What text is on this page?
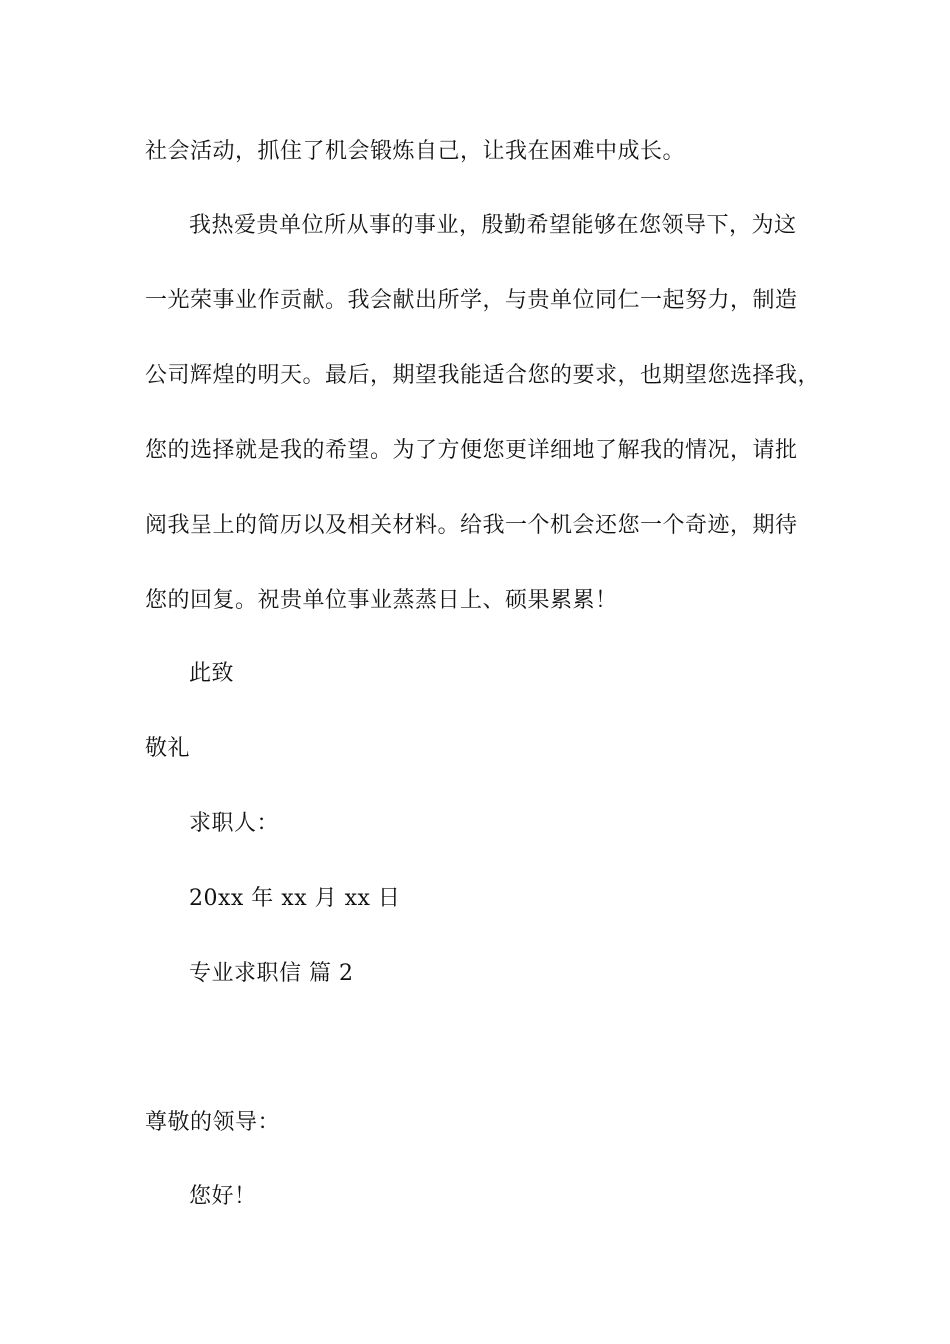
社会活动，抓住了机会锻炼自己，让我在困难中成长。
我热爱贵单位所从事的事业，殷勤希望能够在您领导下，为这
一光荣事业作贡献。我会献出所学，与贵单位同仁一起努力，制造
公司辉煌的明天。最后，期望我能适合您的要求，也期望您选择我，
您的选择就是我的希望。为了方便您更详细地了解我的情况，请批
阅我呈上的简历以及相关材料。给我一个机会还您一个奇迹，期待
您的回复。祝贵单位事业蒸蒸日上、硕果累累！
此致
敬礼
求职人：
20xx 年 xx 月 xx 日
专业求职信 篇 2
尊敬的领导：
您好！
